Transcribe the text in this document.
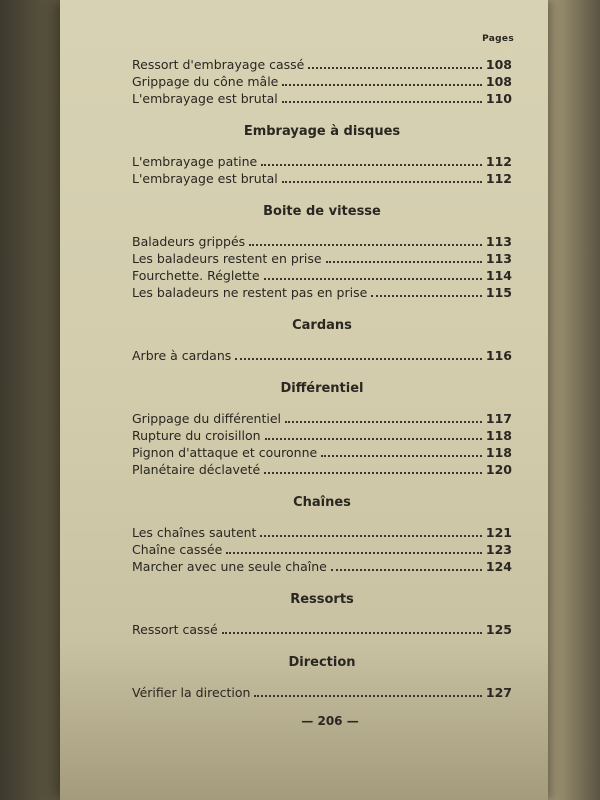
Pages
Ressort d'embrayage cassé	108
Grippage du cône mâle	108
L'embrayage est brutal	110
Embrayage à disques
L'embrayage patine	112
L'embrayage est brutal	112
Boite de vitesse
Baladeurs grippés	113
Les baladeurs restent en prise	113
Fourchette. Réglette	114
Les baladeurs ne restent pas en prise	115
Cardans
Arbre à cardans	116
Différentiel
Grippage du différentiel	117
Rupture du croisillon	118
Pignon d'attaque et couronne	118
Planétaire déclaveté	120
Chaînes
Les chaînes sautent	121
Chaîne cassée	123
Marcher avec une seule chaîne	124
Ressorts
Ressort cassé	125
Direction
Vérifier la direction	127
— 206 —
